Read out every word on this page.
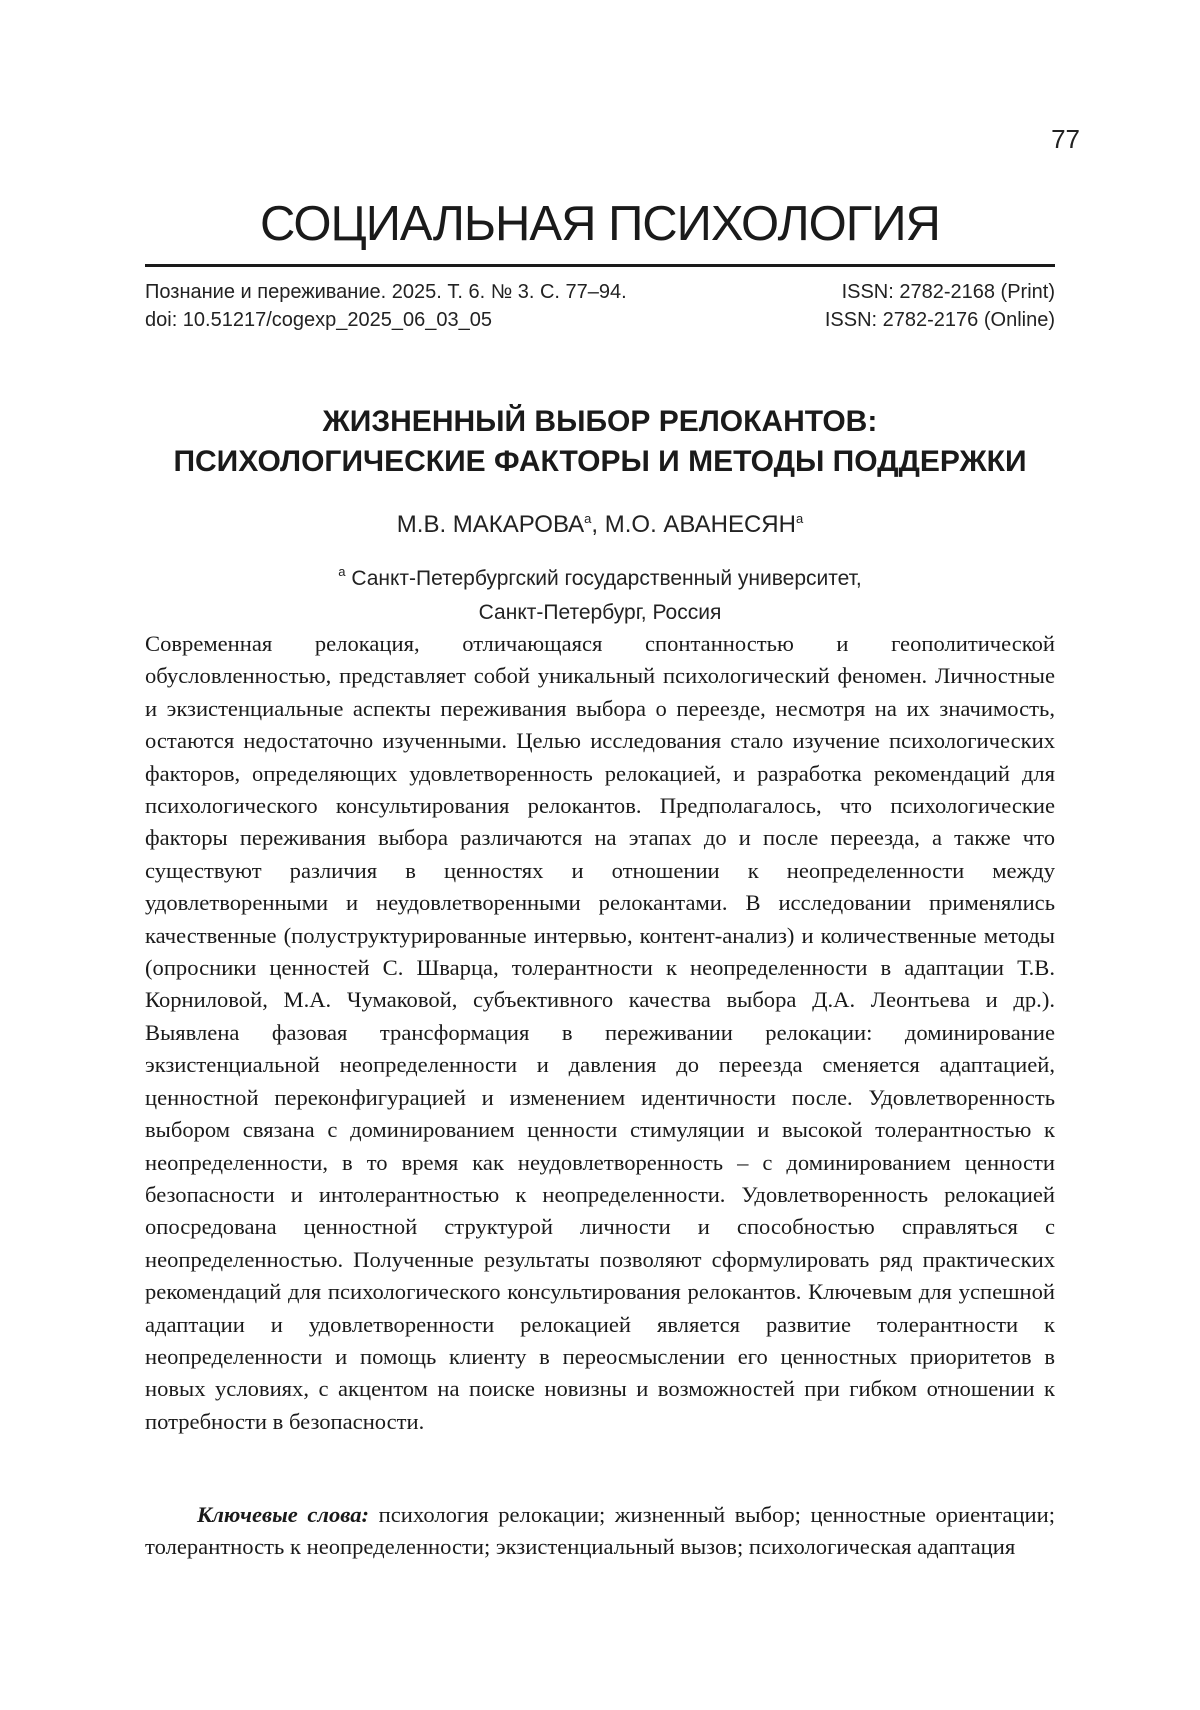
77
СОЦИАЛЬНАЯ ПСИХОЛОГИЯ
Познание и переживание. 2025. Т. 6. № 3. С. 77–94.	ISSN: 2782-2168 (Print)
doi: 10.51217/cogexp_2025_06_03_05	ISSN: 2782-2176 (Online)
ЖИЗНЕННЫЙ ВЫБОР РЕЛОКАНТОВ:
ПСИХОЛОГИЧЕСКИЕ ФАКТОРЫ И МЕТОДЫ ПОДДЕРЖКИ
М.В. МАКАРОВА$^a$, М.О. АВАНЕСЯН$^a$
$^a$ Санкт-Петербургский государственный университет,
Санкт-Петербург, Россия

Современная релокация, отличающаяся спонтанностью и геополитической обусловленностью, представляет собой уникальный психологический феномен. Личностные и экзистенциальные аспекты переживания выбора о переезде, несмотря на их значимость, остаются недостаточно изученными. Целью исследования стало изучение психологических факторов, определяющих удовлетворенность релокацией, и разработка рекомендаций для психологического консультирования релокантов. Предполагалось, что психологические факторы переживания выбора различаются на этапах до и после переезда, а также что существуют различия в ценностях и отношении к неопределенности между удовлетворенными и неудовлетворенными релокантами. В исследовании применялись качественные (полуструктурированные интервью, контент-анализ) и количественные методы (опросники ценностей С. Шварца, толерантности к неопределенности в адаптации Т.В. Корниловой, М.А. Чумаковой, субъективного качества выбора Д.А. Леонтьева и др.). Выявлена фазовая трансформация в переживании релокации: доминирование экзистенциальной неопределенности и давления до переезда сменяется адаптацией, ценностной переконфигурацией и изменением идентичности после. Удовлетворенность выбором связана с доминированием ценности стимуляции и высокой толерантностью к неопределенности, в то время как неудовлетворенность – с доминированием ценности безопасности и интолерантностью к неопределенности. Удовлетворенность релокацией опосредована ценностной структурой личности и способностью справляться с неопределенностью. Полученные результаты позволяют сформулировать ряд практических рекомендаций для психологического консультирования релокантов. Ключевым для успешной адаптации и удовлетворенности релокацией является развитие толерантности к неопределенности и помощь клиенту в переосмыслении его ценностных приоритетов в новых условиях, с акцентом на поиске новизны и возможностей при гибком отношении к потребности в безопасности.

Ключевые слова: психология релокации; жизненный выбор; ценностные ориентации; толерантность к неопределенности; экзистенциальный вызов; психологическая адаптация
